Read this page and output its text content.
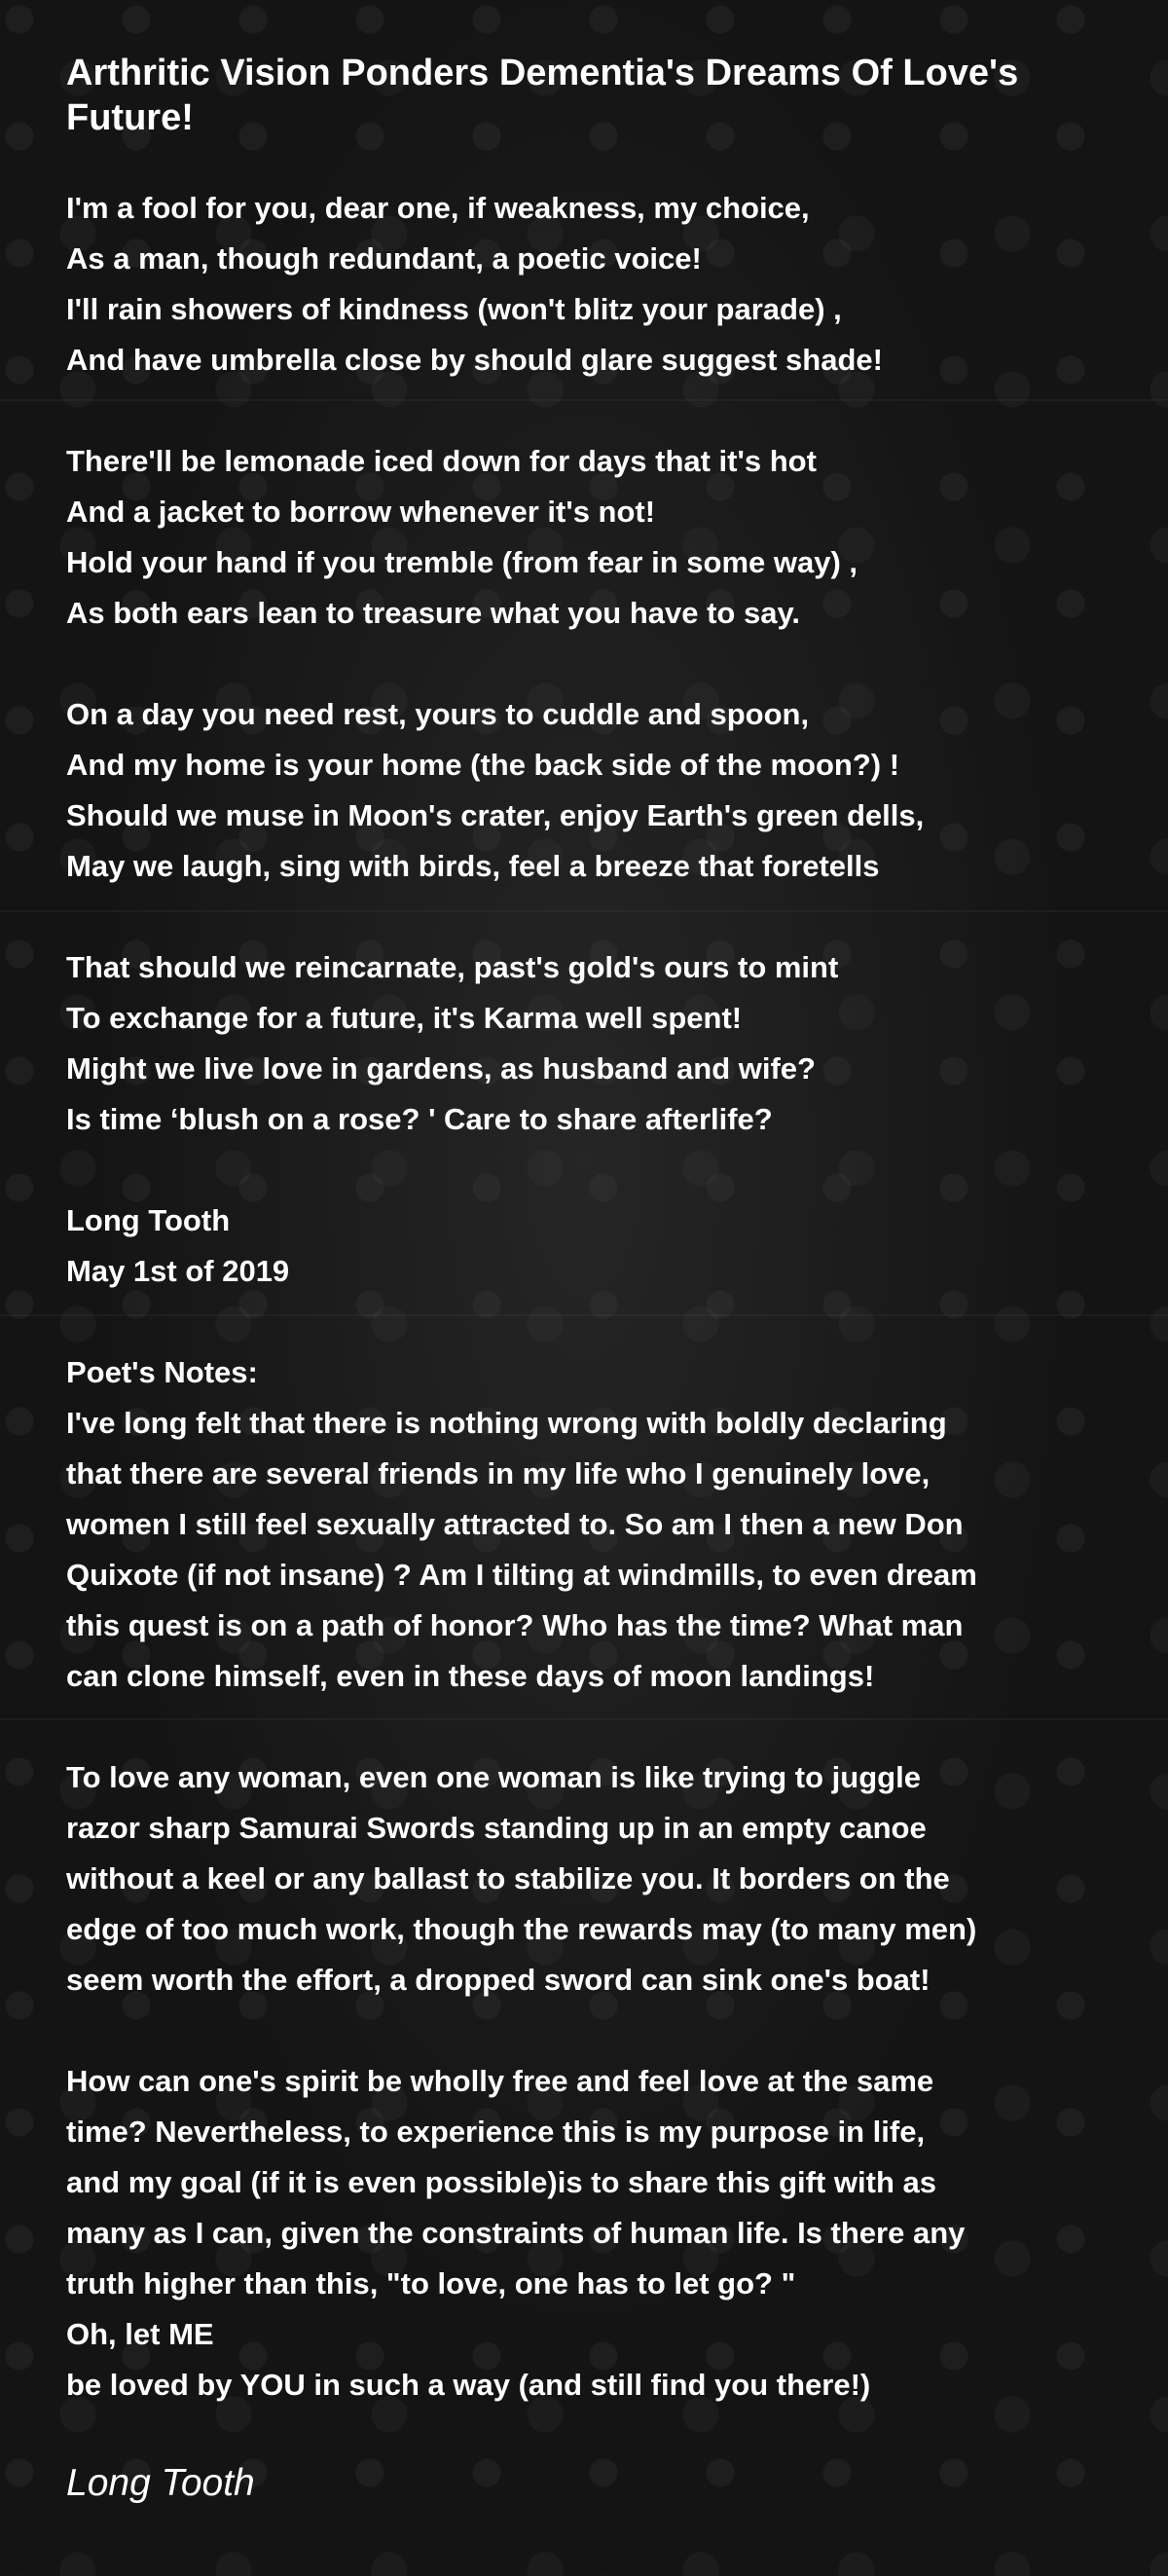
Arthritic Vision Ponders Dementia's Dreams Of Love's Future!
I'm a fool for you, dear one, if weakness, my choice,
As a man, though redundant, a poetic voice!
I'll rain showers of kindness (won't blitz your parade) ,
And have umbrella close by should glare suggest shade!
There'll be lemonade iced down for days that it's hot
And a jacket to borrow whenever it's not!
Hold your hand if you tremble (from fear in some way) ,
As both ears lean to treasure what you have to say.
On a day you need rest, yours to cuddle and spoon,
And my home is your home (the back side of the moon?) !
Should we muse in Moon's crater, enjoy Earth's green dells,
May we laugh, sing with birds, feel a breeze that foretells
That should we reincarnate, past's gold's ours to mint
To exchange for a future, it's Karma well spent!
Might we live love in gardens, as husband and wife?
Is time ‘blush on a rose? ' Care to share afterlife?
Long Tooth
May 1st of 2019
Poet's Notes:
I've long felt that there is nothing wrong with boldly declaring
that there are several friends in my life who I genuinely love,
women I still feel sexually attracted to. So am I then a new Don
Quixote (if not insane) ? Am I tilting at windmills, to even dream
this quest is on a path of honor? Who has the time? What man
can clone himself, even in these days of moon landings!
To love any woman, even one woman is like trying to juggle
razor sharp Samurai Swords standing up in an empty canoe
without a keel or any ballast to stabilize you. It borders on the
edge of too much work, though the rewards may (to many men)
seem worth the effort, a dropped sword can sink one's boat!
How can one's spirit be wholly free and feel love at the same
time? Nevertheless, to experience this is my purpose in life,
and my goal (if it is even possible)is to share this gift with as
many as I can, given the constraints of human life. Is there any
truth higher than this, "to love, one has to let go? "
Oh, let ME
be loved by YOU in such a way (and still find you there!)
Long Tooth
